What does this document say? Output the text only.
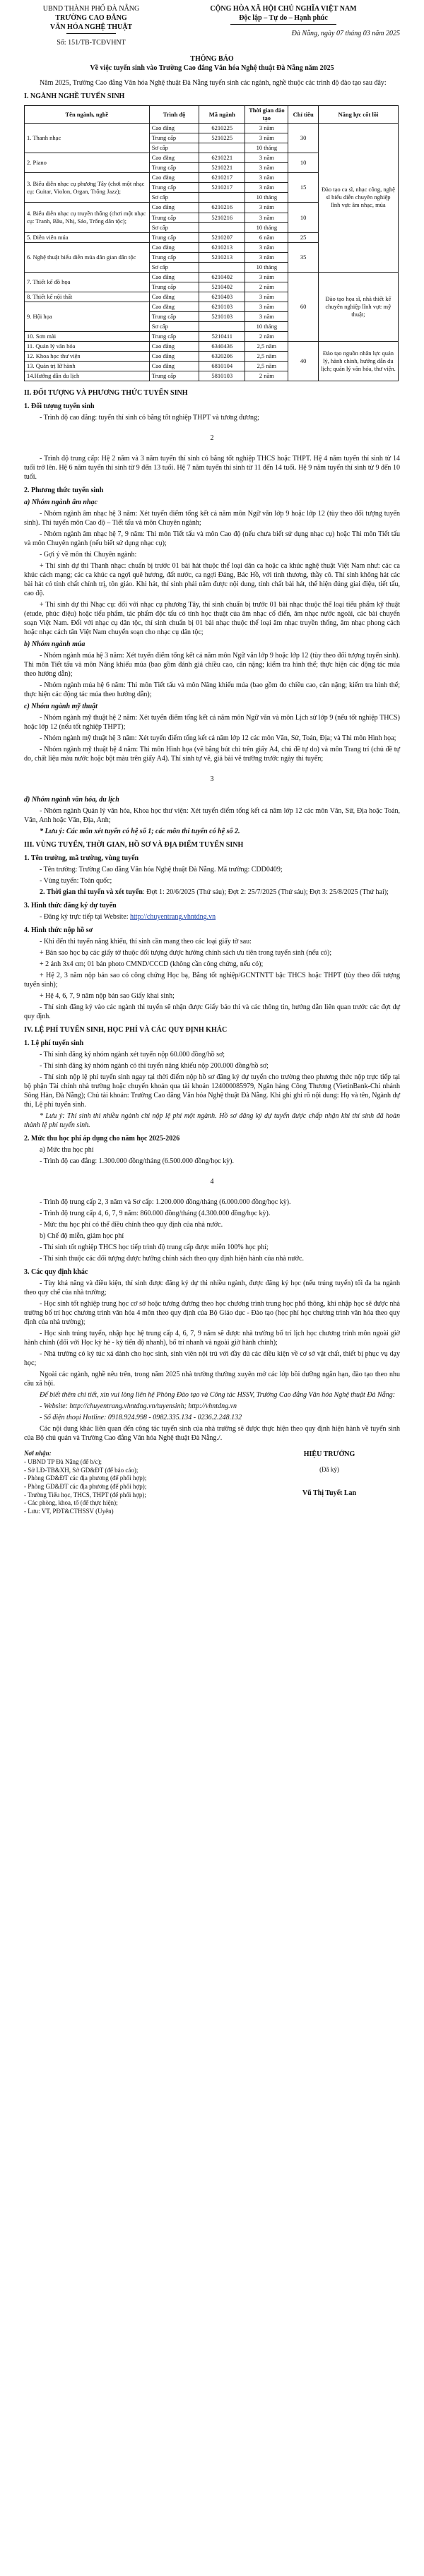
UBND THÀNH PHỐ ĐÀ NẴNG
TRƯỜNG CAO ĐẲNG
VĂN HÓA NGHỆ THUẬT
Số: 151/TB-TCĐVHNT
CỘNG HÒA XÃ HỘI CHỦ NGHĨA VIỆT NAM
Độc lập – Tự do – Hạnh phúc
Đà Nẵng, ngày 07 tháng 03 năm 2025
THÔNG BÁO
Về việc tuyển sinh vào Trường Cao đẳng Văn hóa Nghệ thuật Đà Nẵng năm 2025

Năm 2025, Trường Cao đẳng Văn hóa Nghệ thuật Đà Nẵng tuyển sinh các ngành, nghề thuộc các trình độ đào tạo sau đây:

I. NGÀNH NGHỀ TUYỂN SINH
Tên ngành, nghề	Trình độ	Mã ngành	Thời gian đào tạo	Chỉ tiêu	Năng lực cốt lõi
1. Thanh nhạc	Cao đẳng	6210225	3 năm	30	Đào tạo ca sĩ, nhạc công, nghệ sĩ biểu diễn chuyên nghiệp lĩnh vực âm nhạc, múa
	Trung cấp	5210225	3 năm		
	Sơ cấp		10 tháng		
2. Piano	Cao đẳng	6210221	3 năm	10	
	Trung cấp	5210221	3 năm		
3. Biểu diễn nhạc cụ phương Tây (chơi một nhạc cụ: Guitar, Violon, Organ, Trống Jazz);	Cao đẳng	6210217	3 năm	15	
	Trung cấp	5210217	3 năm		
	Sơ cấp		10 tháng		
4. Biểu diễn nhạc cụ truyền thống (chơi một nhạc cụ: Tranh, Bầu, Nhị, Sáo, Trống dân tộc);	Cao đẳng	6210216	3 năm	10	
	Trung cấp	5210216	3 năm		
	Sơ cấp		10 tháng		
5. Diễn viên múa	Trung cấp	5210207	6 năm	25	
6. Nghệ thuật biểu diễn múa dân gian dân tộc	Cao đẳng	6210213	3 năm	35	
	Trung cấp	5210213	3 năm		
	Sơ cấp		10 tháng		
7. Thiết kế đồ họa	Cao đẳng	6210402	3 năm	60	Đào tạo họa sĩ, nhà thiết kế chuyên nghiệp lĩnh vực mỹ thuật;
	Trung cấp	5210402	2 năm		
8. Thiết kế nội thất	Cao đẳng	6210403	3 năm		
9. Hội họa	Cao đẳng	6210103	3 năm		
	Trung cấp	5210103	3 năm		
	Sơ cấp		10 tháng		
10. Sơn mài	Trung cấp	5210411	2 năm		
11. Quản lý văn hóa	Cao đẳng	6340436	2,5 năm	40	Đào tạo nguồn nhân lực quản lý, hành chính, hướng dẫn du lịch; quản lý văn hóa, thư viện.
12. Khoa học thư viện	Cao đẳng	6320206	2,5 năm		
13. Quản trị lữ hành	Cao đẳng	6810104	2,5 năm		
14.Hướng dẫn du lịch	Trung cấp	5810103	2 năm		
II. ĐỐI TƯỢNG VÀ PHƯƠNG THỨC TUYỂN SINH
1. Đối tượng tuyển sinh

- Trình độ cao đẳng: tuyển thí sinh có bằng tốt nghiệp THPT và tương đương;

2

- Trình độ trung cấp: Hệ 2 năm và 3 năm tuyển thí sinh có bằng tốt nghiệp THCS hoặc THPT. Hệ 4 năm tuyển thí sinh từ 14 tuổi trở lên. Hệ 6 năm tuyển thí sinh từ 9 đến 13 tuổi. Hệ 7 năm tuyển thí sinh từ 11 đến 14 tuổi. Hệ 9 năm tuyển thí sinh từ 9 đến 10 tuổi.

2. Phương thức tuyển sinh
a) Nhóm ngành âm nhạc

- Nhóm ngành âm nhạc hệ 3 năm: Xét tuyển điểm tổng kết cả năm môn Ngữ văn lớp 9 hoặc lớp 12 (tùy theo đối tượng tuyển sinh). Thi tuyển môn Cao độ – Tiết tấu và môn Chuyên ngành;

- Nhóm ngành âm nhạc hệ 7, 9 năm: Thi môn Tiết tấu và môn Cao độ (nếu chưa biết sử dụng nhạc cụ) hoặc Thi môn Tiết tấu và môn Chuyên ngành (nếu biết sử dụng nhạc cụ);

- Gợi ý về môn thi Chuyên ngành:

+ Thí sinh dự thi Thanh nhạc: chuẩn bị trước 01 bài hát thuộc thể loại dân ca hoặc ca khúc nghệ thuật Việt Nam như: các ca khúc cách mạng; các ca khúc ca ngợi quê hương, đất nước, ca ngợi Đảng, Bác Hồ, với tình thương, thầy cô. Thí sinh không hát các bài hát có tính chất chính trị, tôn giáo. Khi hát, thí sinh phải nắm được nội dung, tính chất bài hát, thể hiện đúng giai điệu, tiết tấu, cao độ.

+ Thí sinh dự thi Nhạc cụ: đối với nhạc cụ phương Tây, thí sinh chuẩn bị trước 01 bài nhạc thuộc thể loại tiểu phẩm kỹ thuật (etude, phúc điệu) hoặc tiểu phẩm, tác phẩm độc tấu có tính học thuật của âm nhạc cổ điển, âm nhạc nước ngoài, các bài chuyển soạn Việt Nam. Đối với nhạc cụ dân tộc, thí sinh chuẩn bị 01 bài nhạc thuộc thể loại âm nhạc truyền thống, âm nhạc phong cách hoặc nhạc cách tân Việt Nam chuyển soạn cho nhạc cụ dân tộc;

b) Nhóm ngành múa

- Nhóm ngành múa hệ 3 năm: Xét tuyển điểm tổng kết cả năm môn Ngữ văn lớp 9 hoặc lớp 12 (tùy theo đối tượng tuyển sinh). Thi môn Tiết tấu và môn Năng khiếu múa (bao gồm đánh giá chiều cao, cân nặng; kiểm tra hình thể; thực hiện các động tác múa theo hướng dẫn);

- Nhóm ngành múa hệ 6 năm: Thi môn Tiết tấu và môn Năng khiếu múa (bao gồm đo chiều cao, cân nặng; kiểm tra hình thể; thực hiện các động tác múa theo hướng dẫn);

c) Nhóm ngành mỹ thuật

- Nhóm ngành mỹ thuật hệ 2 năm: Xét tuyển điểm tổng kết cả năm môn Ngữ văn và môn Lịch sử lớp 9 (nếu tốt nghiệp THCS) hoặc lớp 12 (nếu tốt nghiệp THPT);

- Nhóm ngành mỹ thuật hệ 3 năm: Xét tuyển điểm tổng kết cả năm lớp 12 các môn Văn, Sử, Toán, Địa; và Thi môn Hình họa;

- Nhóm ngành mỹ thuật hệ 4 năm: Thi môn Hình họa (vẽ bằng bút chì trên giấy A4, chủ đề tự do) và môn Trang trí (chủ đề tự do, chất liệu màu nước hoặc bột màu trên giấy A4). Thí sinh tự vẽ, giá bài vẽ trường trước ngày thi tuyển;

3
d) Nhóm ngành văn hóa, du lịch

- Nhóm ngành Quản lý văn hóa, Khoa học thư viện: Xét tuyển điểm tổng kết cả năm lớp 12 các môn Văn, Sử, Địa hoặc Toán, Văn, Anh hoặc Văn, Địa, Anh;

* Lưu ý: Các môn xét tuyển có hệ số 1; các môn thi tuyển có hệ số 2.

III. VÙNG TUYỂN, THỜI GIAN, HỒ SƠ VÀ ĐỊA ĐIỂM TUYỂN SINH
1. Tên trường, mã trường, vùng tuyển

- Tên trường: Trường Cao đẳng Văn hóa Nghệ thuật Đà Nẵng. Mã trường: CDD0409;

- Vùng tuyển: Toàn quốc;

2. Thời gian thi tuyển và xét tuyển: Đợt 1: 20/6/2025 (Thứ sáu); Đợt 2: 25/7/2025 (Thứ sáu); Đợt 3: 25/8/2025 (Thứ hai);

3. Hình thức đăng ký dự tuyển

- Đăng ký trực tiếp tại Website: http://chuyentrang.vhntdng.vn

4. Hình thức nộp hồ sơ

- Khi đến thi tuyển năng khiếu, thí sinh cần mang theo các loại giấy tờ sau:

+ Bản sao học bạ các giấy tờ thuộc đối tượng được hưởng chính sách ưu tiên trong tuyển sinh (nếu có);

+ 2 ảnh 3x4 cm; 01 bản photo CMND/CCCD (không cần công chứng, nếu có);

+ Hệ 2, 3 năm nộp bản sao có công chứng Học bạ, Bằng tốt nghiệp/GCNTNTT bậc THCS hoặc THPT (tùy theo đối tượng tuyển sinh);

+ Hệ 4, 6, 7, 9 năm nộp bản sao Giấy khai sinh;

- Thí sinh đăng ký vào các ngành thi tuyển sẽ nhận được Giấy báo thi và các thông tin, hướng dẫn liên quan trước các đợt dự quy định.

IV. LỆ PHÍ TUYỂN SINH, HỌC PHÍ VÀ CÁC QUY ĐỊNH KHÁC
1. Lệ phí tuyển sinh

- Thí sinh đăng ký nhóm ngành xét tuyển nộp 60.000 đồng/hồ sơ;

- Thí sinh đăng ký nhóm ngành có thi tuyển năng khiếu nộp 200.000 đồng/hồ sơ;

- Thí sinh nộp lệ phí tuyển sinh ngay tại thời điểm nộp hồ sơ đăng ký dự tuyển cho trường theo phương thức nộp trực tiếp tại bộ phận Tài chính nhà trường hoặc chuyển khoản qua tài khoản 124000085979, Ngân hàng Công Thương (VietinBank-Chi nhánh Sông Hàn, Đà Nẵng); Chủ tài khoản: Trường Cao đẳng Văn hóa Nghệ thuật Đà Nẵng. Khi ghi ghi rõ nội dung: Họ và tên, Ngành dự thi, Lệ phí tuyển sinh.

* Lưu ý: Thí sinh thi nhiều ngành chỉ nộp lệ phí một ngành. Hồ sơ đăng ký dự tuyển được chấp nhận khi thí sinh đã hoàn thành lệ phí tuyển sinh.

2. Mức thu học phí áp dụng cho năm học 2025-2026

a) Mức thu học phí

- Trình độ cao đẳng: 1.300.000 đồng/tháng (6.500.000 đồng/học kỳ).

4

- Trình độ trung cấp 2, 3 năm và Sơ cấp: 1.200.000 đồng/tháng (6.000.000 đồng/học kỳ).

- Trình độ trung cấp 4, 6, 7, 9 năm: 860.000 đồng/tháng (4.300.000 đồng/học kỳ).

- Mức thu học phí có thể điều chỉnh theo quy định của nhà nước.

b) Chế độ miễn, giảm học phí

- Thí sinh tốt nghiệp THCS học tiếp trình độ trung cấp được miễn 100% học phí;

- Thí sinh thuộc các đối tượng được hưởng chính sách theo quy định hiện hành của nhà nước.

3. Các quy định khác

- Tùy khả năng và điều kiện, thí sinh được đăng ký dự thi nhiều ngành, được đăng ký học (nếu trúng tuyển) tối đa ba ngành theo quy chế của nhà trường;

- Học sinh tốt nghiệp trung học cơ sở hoặc tương đương theo học chương trình trung học phổ thông, khi nhập học sẽ được nhà trường bố trí học chương trình văn hóa 4 môn theo quy định của Bộ Giáo dục - Đào tạo (học phí học chương trình văn hóa theo quy định của nhà trường);

- Học sinh trúng tuyển, nhập học hệ trung cấp 4, 6, 7, 9 năm sẽ được nhà trường bố trí lịch học chương trình môn ngoài giờ hành chính (đối với Học kỳ hè - kỳ tiến độ nhanh), bố trí nhanh và ngoài giờ hành chính);

- Nhà trường có ký túc xá dành cho học sinh, sinh viên nội trú với đầy đủ các điều kiện về cơ sở vật chất, thiết bị phục vụ dạy học;

Ngoài các ngành, nghề nêu trên, trong năm 2025 nhà trường thường xuyên mở các lớp bồi dưỡng ngắn hạn, đào tạo theo nhu cầu xã hội.

Để biết thêm chi tiết, xin vui lòng liên hệ Phòng Đào tạo và Công tác HSSV, Trường Cao đẳng Văn hóa Nghệ thuật Đà Nẵng:

- Website: http://chuyentrang.vhntdng.vn/tuyensinh; http://vhntdng.vn

- Số điện thoại Hotline: 0918.924.998 - 0982.335.134 - 0236.2.248.132

Các nội dung khác liên quan đến công tác tuyển sinh của nhà trường sẽ được thực hiện theo quy định hiện hành về tuyển sinh của Bộ chủ quản và Trường Cao đẳng Văn hóa Nghệ thuật Đà Nẵng./.

Nơi nhận:
- UBND TP Đà Nẵng (để b/c);
- Sở LĐ-TB&XH, Sở GD&ĐT (để báo cáo);
- Phòng GD&ĐT các địa phương (để phối hợp);
- Phòng GD&ĐT các địa phương (để phối hợp);
- Trường Tiểu học, THCS, THPT (để phối hợp);
- Các phòng, khoa, tổ (để thực hiện);
- Lưu: VT, PĐT&CTHSSV (Uyên)
HIỆU TRƯỞNG
(Đã ký)
Vũ Thị Tuyết Lan
